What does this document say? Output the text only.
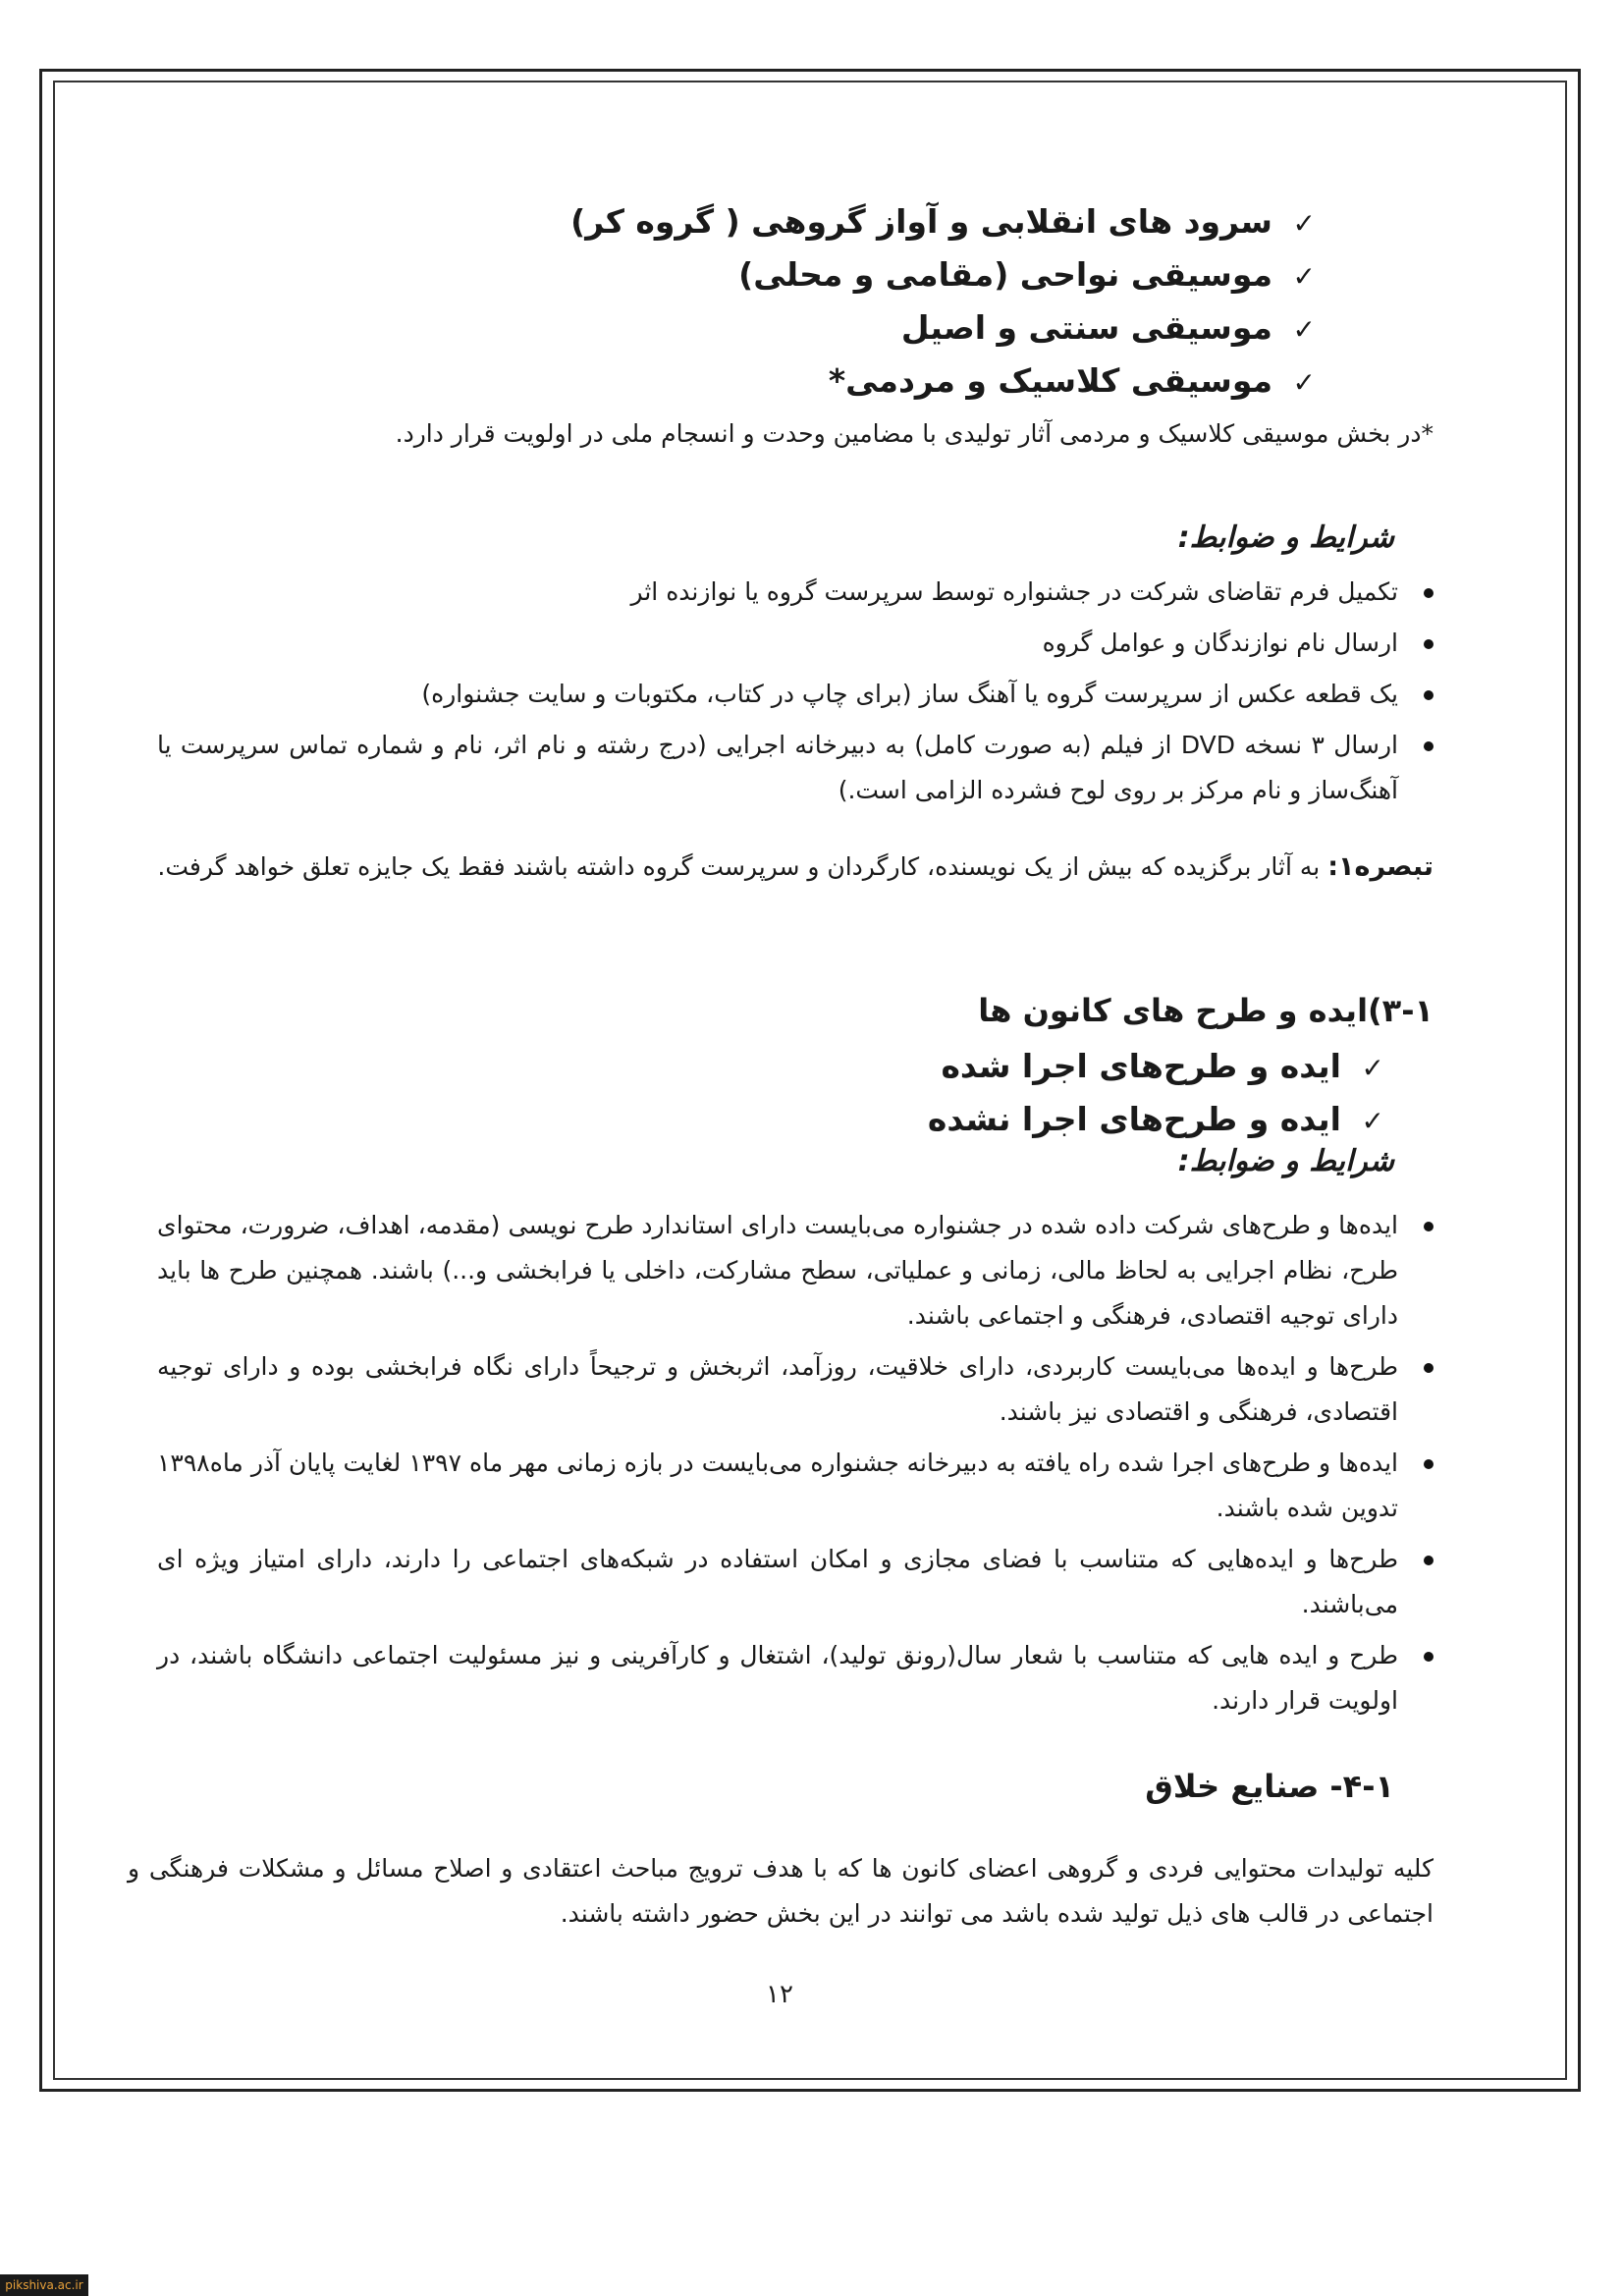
✓سرود های انقلابی و آواز گروهی ( گروه کر)
✓موسیقی نواحی (مقامی و محلی)
✓موسیقی سنتی و اصیل
✓موسیقی کلاسیک و مردمی*
*در بخش موسیقی کلاسیک و مردمی آثار تولیدی با مضامین وحدت و انسجام ملی در اولویت قرار دارد.
شرایط و ضوابط:
تکمیل فرم تقاضای شرکت در جشنواره توسط سرپرست گروه یا نوازنده اثر
ارسال نام نوازندگان و عوامل گروه
یک قطعه عکس از سرپرست گروه یا آهنگ ساز (برای چاپ در کتاب، مکتوبات و سایت جشنواره)
ارسال ۳ نسخه DVD از فیلم (به صورت کامل) به دبیرخانه اجرایی (درج رشته و نام اثر، نام و شماره تماس سرپرست یا آهنگ‌ساز و نام مرکز بر روی لوح فشرده الزامی است.)
تبصره۱: به آثار برگزیده که بیش از یک نویسنده، کارگردان و سرپرست گروه داشته باشند فقط یک جایزه تعلق خواهد گرفت.
۳-۱)ایده و طرح های کانون ها
✓ایده و طرح‌های اجرا شده
✓ایده و طرح‌های اجرا نشده
شرایط و ضوابط:
ایده‌ها و طرح‌های شرکت داده شده در جشنواره می‌بایست دارای استاندارد طرح نویسی (مقدمه، اهداف، ضرورت، محتوای طرح، نظام اجرایی به لحاظ مالی، زمانی و عملیاتی، سطح مشارکت، داخلی یا فرابخشی و...) باشند. همچنین طرح ها باید دارای توجیه اقتصادی، فرهنگی و اجتماعی باشند.
طرح‌ها و ایده‌ها می‌بایست کاربردی، دارای خلاقیت، روزآمد، اثربخش و ترجیحاً دارای نگاه فرابخشی بوده و دارای توجیه اقتصادی، فرهنگی و اقتصادی نیز باشند.
ایده‌ها و طرح‌های اجرا شده راه یافته به دبیرخانه جشنواره می‌بایست در بازه زمانی مهر ماه ۱۳۹۷ لغایت پایان آذر ماه۱۳۹۸ تدوین شده باشند.
طرح‌ها و ایده‌هایی که متناسب با فضای مجازی و امکان استفاده در شبکه‌های اجتماعی را دارند، دارای امتیاز ویژه ای می‌باشند.
طرح و ایده هایی که متناسب با شعار سال(رونق تولید)، اشتغال و کارآفرینی و نیز مسئولیت اجتماعی دانشگاه باشند، در اولویت قرار دارند.
۴-۱- صنایع خلاق
کلیه تولیدات محتوایی فردی و گروهی اعضای کانون ها که با هدف ترویج مباحث اعتقادی و اصلاح مسائل و مشکلات فرهنگی و اجتماعی در قالب های ذیل تولید شده باشد می توانند در این بخش حضور داشته باشند.
۱۲
pikshiva.ac.ir
